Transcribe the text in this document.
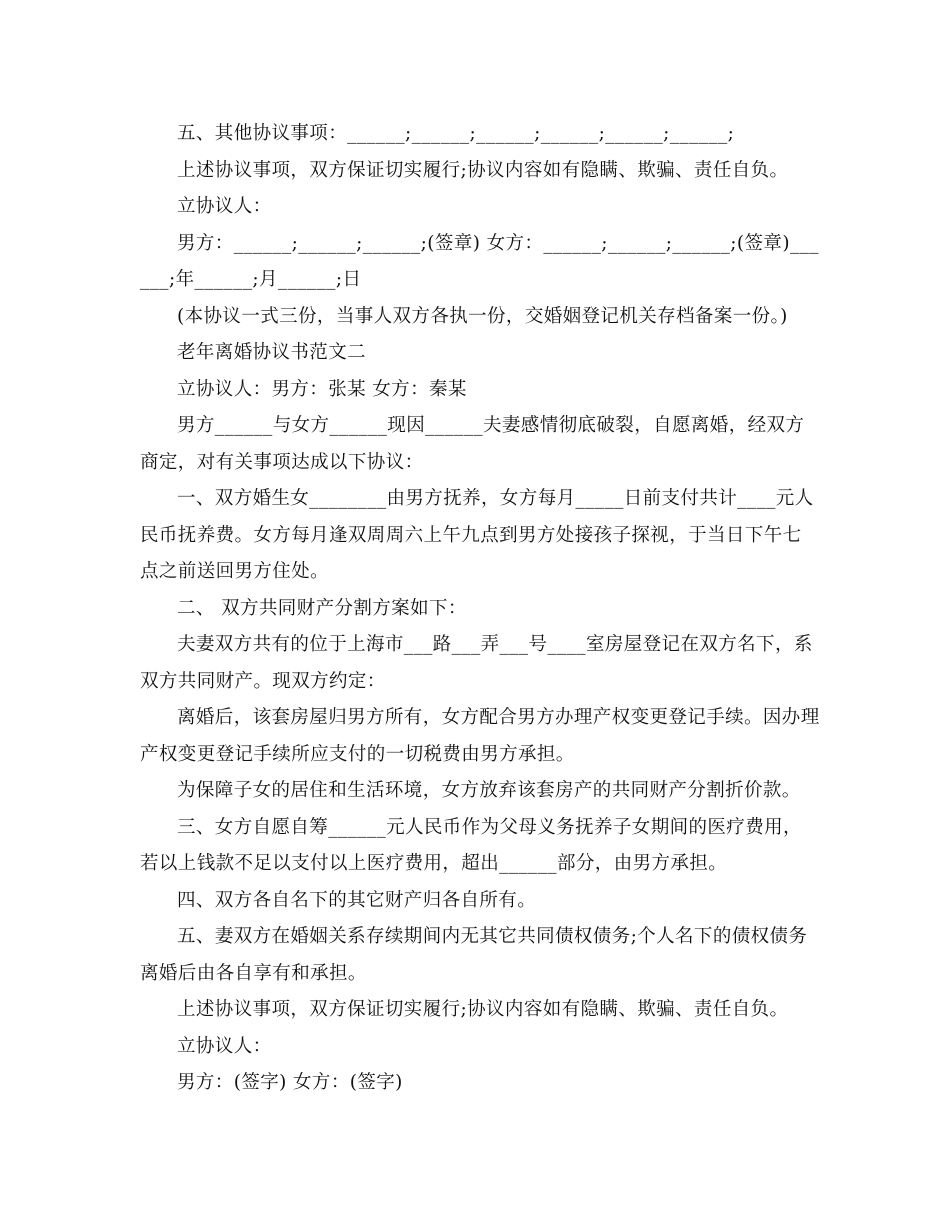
五、其他协议事项：______;______;______;______;______;______;

上述协议事项，双方保证切实履行;协议内容如有隐瞒、欺骗、责任自负。

立协议人：

男方：______;______;______;(签章) 女方：______;______;______;(签章)______;年______;月______;日

(本协议一式三份，当事人双方各执一份，交婚姻登记机关存档备案一份。)

老年离婚协议书范文二

立协议人：男方：张某 女方：秦某

男方______与女方______现因______夫妻感情彻底破裂，自愿离婚，经双方商定，对有关事项达成以下协议：

一、双方婚生女________由男方抚养，女方每月_____日前支付共计____元人民币抚养费。女方每月逢双周周六上午九点到男方处接孩子探视，于当日下午七点之前送回男方住处。

二、 双方共同财产分割方案如下：

夫妻双方共有的位于上海市___路___弄___号____室房屋登记在双方名下，系双方共同财产。现双方约定：

离婚后，该套房屋归男方所有，女方配合男方办理产权变更登记手续。因办理产权变更登记手续所应支付的一切税费由男方承担。

为保障子女的居住和生活环境，女方放弃该套房产的共同财产分割折价款。

三、女方自愿自筹______元人民币作为父母义务抚养子女期间的医疗费用，若以上钱款不足以支付以上医疗费用，超出______部分，由男方承担。

四、双方各自名下的其它财产归各自所有。

五、妻双方在婚姻关系存续期间内无其它共同债权债务;个人名下的债权债务离婚后由各自享有和承担。

上述协议事项，双方保证切实履行;协议内容如有隐瞒、欺骗、责任自负。

立协议人：

男方：(签字) 女方：(签字)
